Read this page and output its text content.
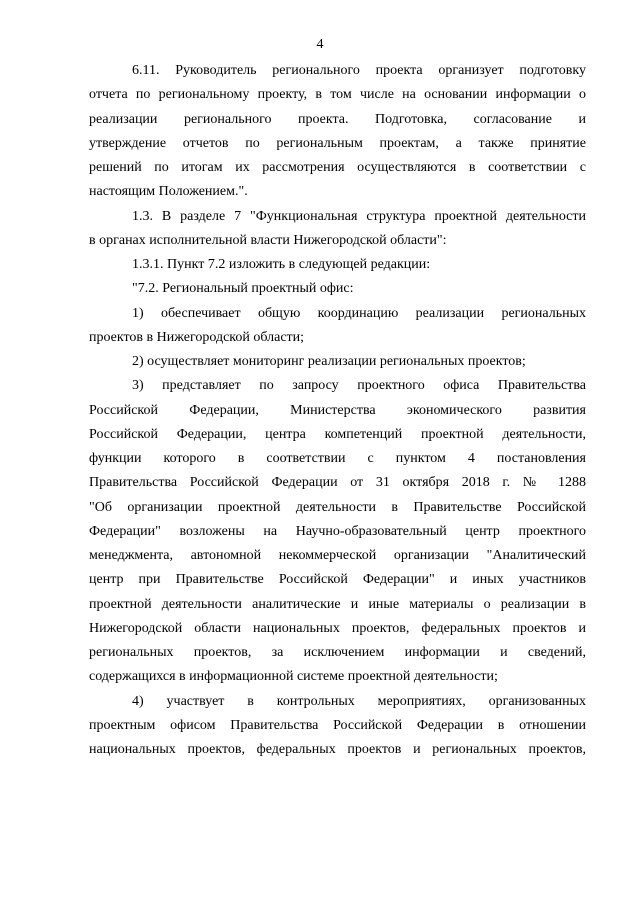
4
6.11. Руководитель регионального проекта организует подготовку
отчета по региональному проекту, в том числе на основании информации о
реализации регионального проекта. Подготовка, согласование и
утверждение отчетов по региональным проектам, а также принятие
решений по итогам их рассмотрения осуществляются в соответствии с
настоящим Положением.".
1.3. В разделе 7 "Функциональная структура проектной деятельности
в органах исполнительной власти Нижегородской области":
1.3.1. Пункт 7.2 изложить в следующей редакции:
"7.2. Региональный проектный офис:
1) обеспечивает общую координацию реализации региональных
проектов в Нижегородской области;
2) осуществляет мониторинг реализации региональных проектов;
3) представляет по запросу проектного офиса Правительства
Российской Федерации, Министерства экономического развития
Российской Федерации, центра компетенций проектной деятельности,
функции которого в соответствии с пунктом 4 постановления
Правительства Российской Федерации от 31 октября 2018 г. № 1288
"Об организации проектной деятельности в Правительстве Российской
Федерации" возложены на Научно-образовательный центр проектного
менеджмента, автономной некоммерческой организации "Аналитический
центр при Правительстве Российской Федерации" и иных участников
проектной деятельности аналитические и иные материалы о реализации в
Нижегородской области национальных проектов, федеральных проектов и
региональных проектов, за исключением информации и сведений,
содержащихся в информационной системе проектной деятельности;
4) участвует в контрольных мероприятиях, организованных
проектным офисом Правительства Российской Федерации в отношении
национальных проектов, федеральных проектов и региональных проектов,
